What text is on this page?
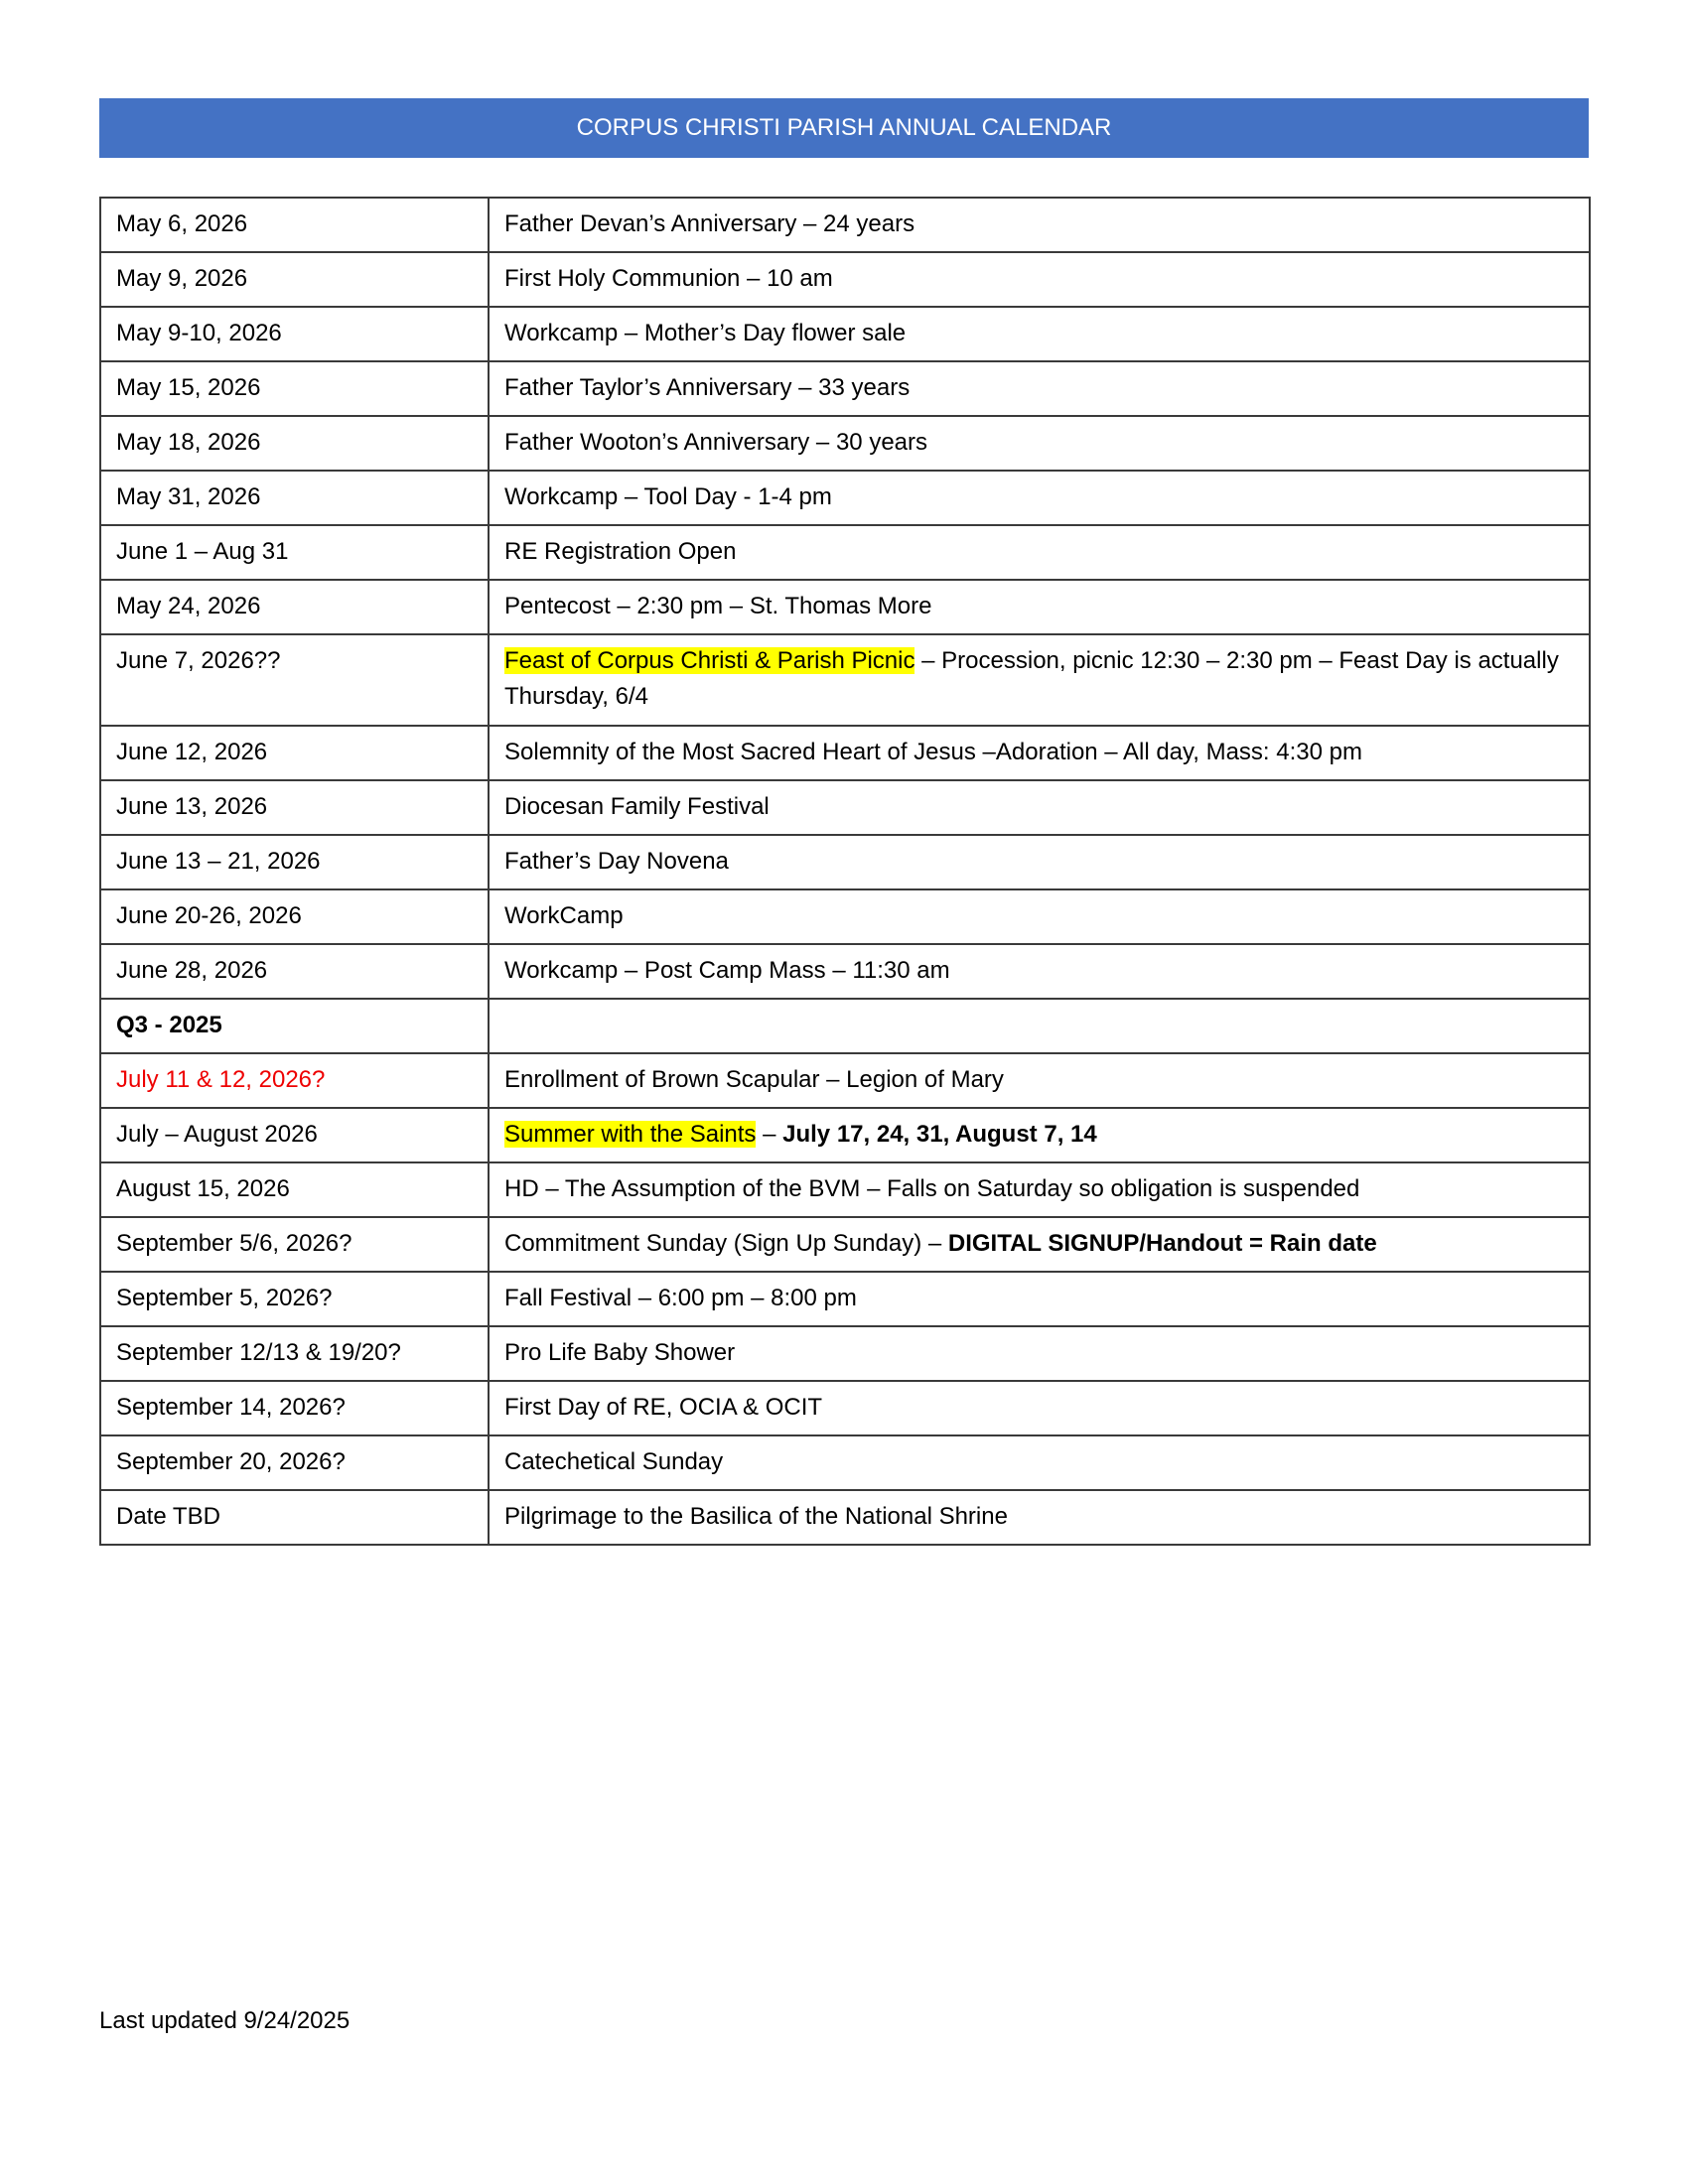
CORPUS CHRISTI PARISH ANNUAL CALENDAR
May 6, 2026	Father Devan’s Anniversary – 24 years
May 9, 2026	First Holy Communion – 10 am
May 9-10, 2026	Workcamp – Mother’s Day flower sale
May 15, 2026	Father Taylor’s Anniversary – 33 years
May 18, 2026	Father Wooton’s Anniversary – 30 years
May 31, 2026	Workcamp – Tool Day - 1-4 pm
June 1 – Aug 31	RE Registration Open
May 24, 2026	Pentecost – 2:30 pm – St. Thomas More
June 7, 2026??	Feast of Corpus Christi & Parish Picnic – Procession, picnic 12:30 – 2:30 pm – Feast Day is actually Thursday, 6/4
June 12, 2026	Solemnity of the Most Sacred Heart of Jesus –Adoration – All day, Mass: 4:30 pm
June 13, 2026	Diocesan Family Festival
June 13 – 21, 2026	Father’s Day Novena
June 20-26, 2026	WorkCamp
June 28, 2026	Workcamp – Post Camp Mass – 11:30 am
Q3 - 2025	
July 11 & 12, 2026?	Enrollment of Brown Scapular – Legion of Mary
July – August 2026	Summer with the Saints – July 17, 24, 31, August 7, 14
August 15, 2026	HD – The Assumption of the BVM – Falls on Saturday so obligation is suspended
September 5/6, 2026?	Commitment Sunday (Sign Up Sunday) – DIGITAL SIGNUP/Handout = Rain date
September 5, 2026?	Fall Festival – 6:00 pm – 8:00 pm
September 12/13 & 19/20?	Pro Life Baby Shower
September 14, 2026?	First Day of RE, OCIA & OCIT
September 20, 2026?	Catechetical Sunday
Date TBD	Pilgrimage to the Basilica of the National Shrine
Last updated 9/24/2025
